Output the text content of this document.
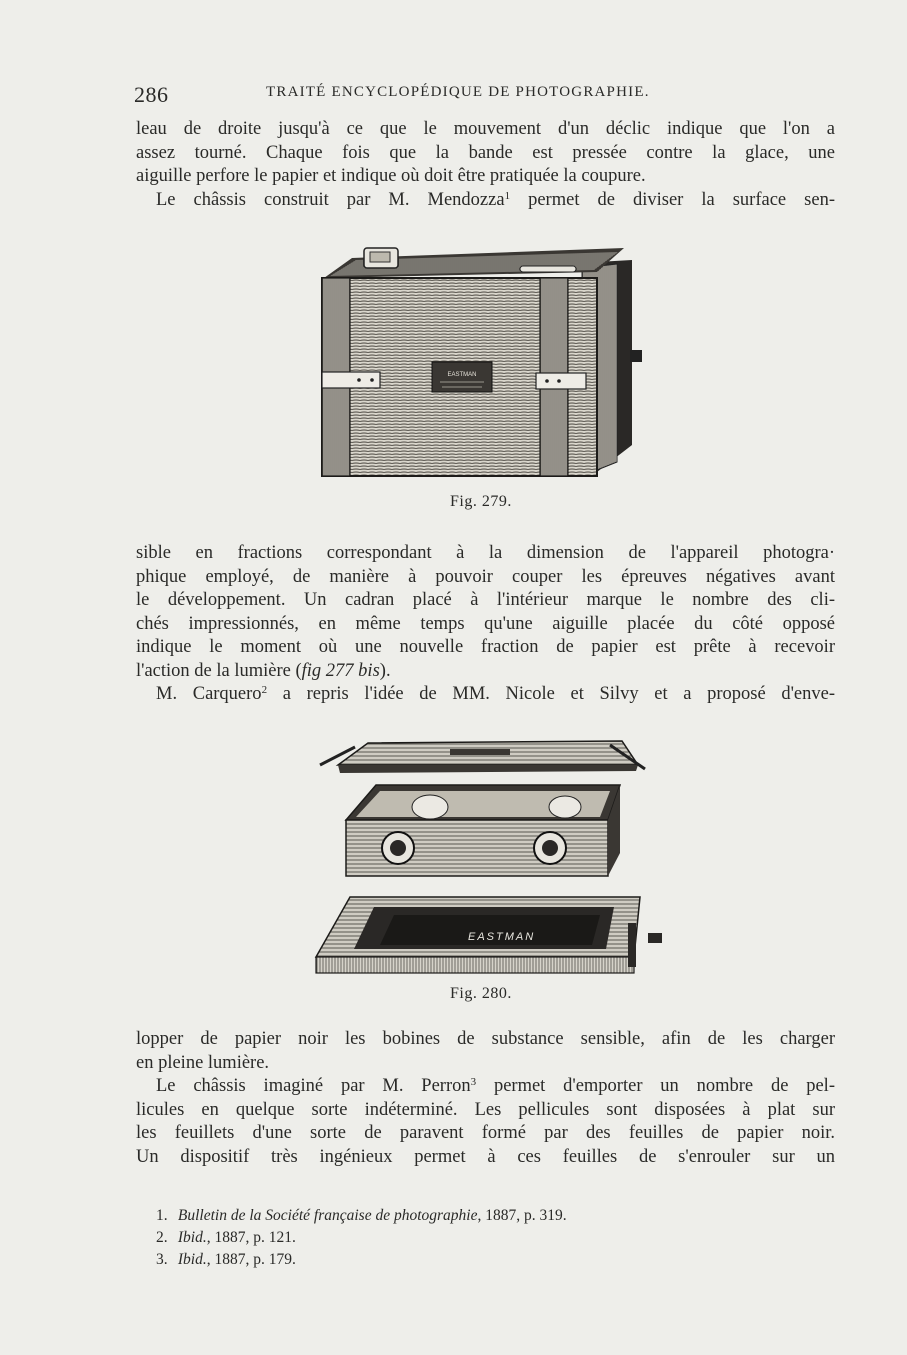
286	TRAITÉ ENCYCLOPÉDIQUE DE PHOTOGRAPHIE.

leau de droite jusqu'à ce que le mouvement d'un déclic indique que l'on a

assez tourné. Chaque fois que la bande est pressée contre la glace, une

aiguille perfore le papier et indique où doit être pratiquée la coupure.

Le châssis construit par M. Mendozza$^1$ permet de diviser la surface sen-

EASTMAN
Fig. 279.

sible en fractions correspondant à la dimension de l'appareil photogra·

phique employé, de manière à pouvoir couper les épreuves négatives avant

le développement. Un cadran placé à l'intérieur marque le nombre des cli-

chés impressionnés, en même temps qu'une aiguille placée du côté opposé

indique le moment où une nouvelle fraction de papier est prête à recevoir

l'action de la lumière (fig 277 bis).

M. Carquero$^2$ a repris l'idée de MM. Nicole et Silvy et a proposé d'enve-

EASTMAN
Fig. 280.

lopper de papier noir les bobines de substance sensible, afin de les charger

en pleine lumière.

Le châssis imaginé par M. Perron$^3$ permet d'emporter un nombre de pel-

licules en quelque sorte indéterminé. Les pellicules sont disposées à plat sur

les feuillets d'une sorte de paravent formé par des feuilles de papier noir.

Un dispositif très ingénieux permet à ces feuilles de s'enrouler sur un

1. Bulletin de la Société française de photographie, 1887, p. 319.
2. Ibid., 1887, p. 121.
3. Ibid., 1887, p. 179.
